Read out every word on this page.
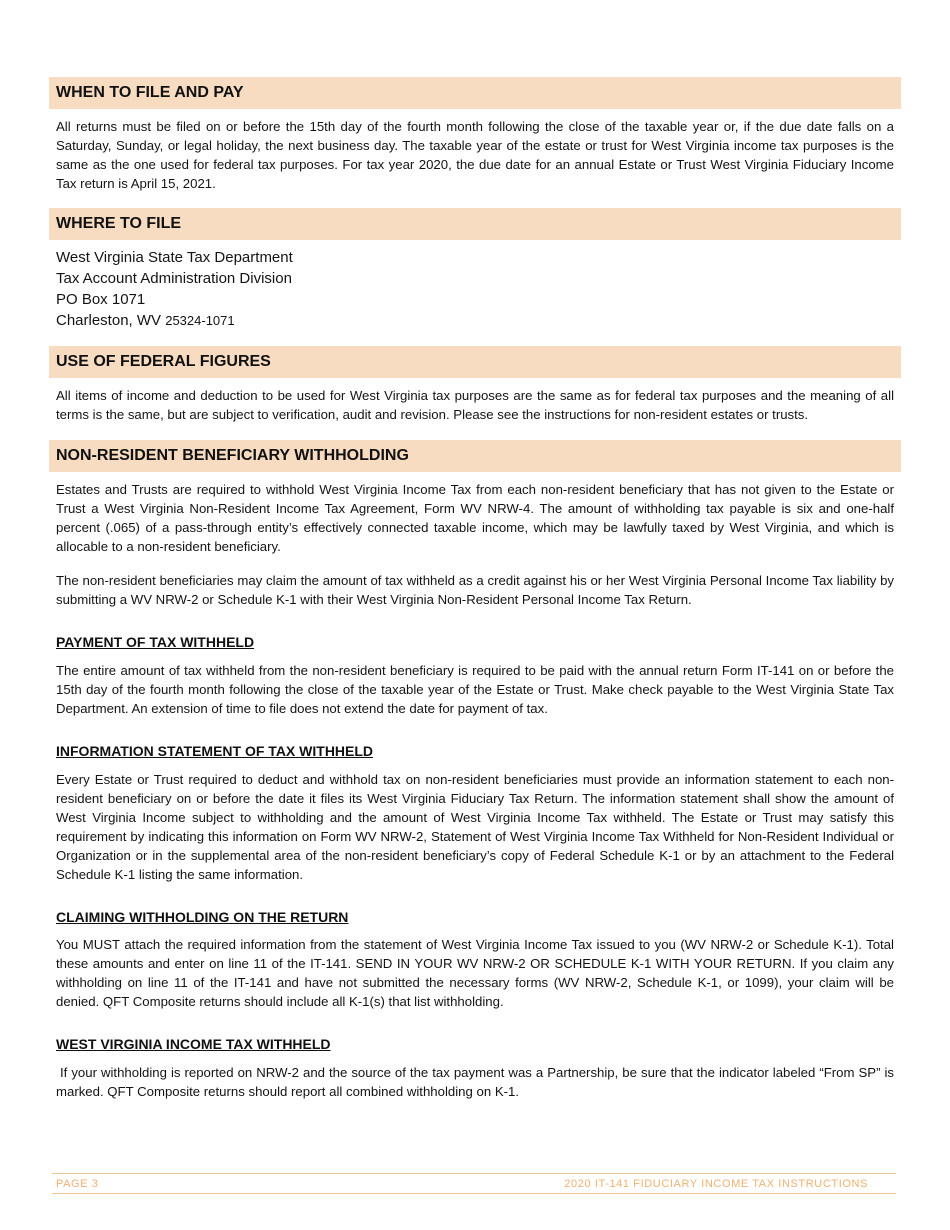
WHEN TO FILE AND PAY
All returns must be filed on or before the 15th day of the fourth month following the close of the taxable year or, if the due date falls on a Saturday, Sunday, or legal holiday, the next business day. The taxable year of the estate or trust for West Virginia income tax purposes is the same as the one used for federal tax purposes. For tax year 2020, the due date for an annual Estate or Trust West Virginia Fiduciary Income Tax return is April 15, 2021.
WHERE TO FILE
West Virginia State Tax Department
Tax Account Administration Division
PO Box 1071
Charleston, WV 25324-1071
USE OF FEDERAL FIGURES
All items of income and deduction to be used for West Virginia tax purposes are the same as for federal tax purposes and the meaning of all terms is the same, but are subject to verification, audit and revision. Please see the instructions for non-resident estates or trusts.
NON-RESIDENT BENEFICIARY WITHHOLDING
Estates and Trusts are required to withhold West Virginia Income Tax from each non-resident beneficiary that has not given to the Estate or Trust a West Virginia Non-Resident Income Tax Agreement, Form WV NRW-4. The amount of withholding tax payable is six and one-half percent (.065) of a pass-through entity’s effectively connected taxable income, which may be lawfully taxed by West Virginia, and which is allocable to a non-resident beneficiary.
The non-resident beneficiaries may claim the amount of tax withheld as a credit against his or her West Virginia Personal Income Tax liability by submitting a WV NRW-2 or Schedule K-1 with their West Virginia Non-Resident Personal Income Tax Return.
PAYMENT OF TAX WITHHELD
The entire amount of tax withheld from the non-resident beneficiary is required to be paid with the annual return Form IT-141 on or before the 15th day of the fourth month following the close of the taxable year of the Estate or Trust. Make check payable to the West Virginia State Tax Department. An extension of time to file does not extend the date for payment of tax.
INFORMATION STATEMENT OF TAX WITHHELD
Every Estate or Trust required to deduct and withhold tax on non-resident beneficiaries must provide an information statement to each non-resident beneficiary on or before the date it files its West Virginia Fiduciary Tax Return. The information statement shall show the amount of West Virginia Income subject to withholding and the amount of West Virginia Income Tax withheld. The Estate or Trust may satisfy this requirement by indicating this information on Form WV NRW-2, Statement of West Virginia Income Tax Withheld for Non-Resident Individual or Organization or in the supplemental area of the non-resident beneficiary’s copy of Federal Schedule K-1 or by an attachment to the Federal Schedule K-1 listing the same information.
CLAIMING WITHHOLDING ON THE RETURN
You MUST attach the required information from the statement of West Virginia Income Tax issued to you (WV NRW-2 or Schedule K-1). Total these amounts and enter on line 11 of the IT-141. SEND IN YOUR WV NRW-2 OR SCHEDULE K-1 WITH YOUR RETURN. If you claim any withholding on line 11 of the IT-141 and have not submitted the necessary forms (WV NRW-2, Schedule K-1, or 1099), your claim will be denied. QFT Composite returns should include all K-1(s) that list withholding.
WEST VIRGINIA INCOME TAX WITHHELD
If your withholding is reported on NRW-2 and the source of the tax payment was a Partnership, be sure that the indicator labeled “From SP” is marked. QFT Composite returns should report all combined withholding on K-1.
PAGE 3	2020 IT-141 FIDUCIARY INCOME TAX INSTRUCTIONS
